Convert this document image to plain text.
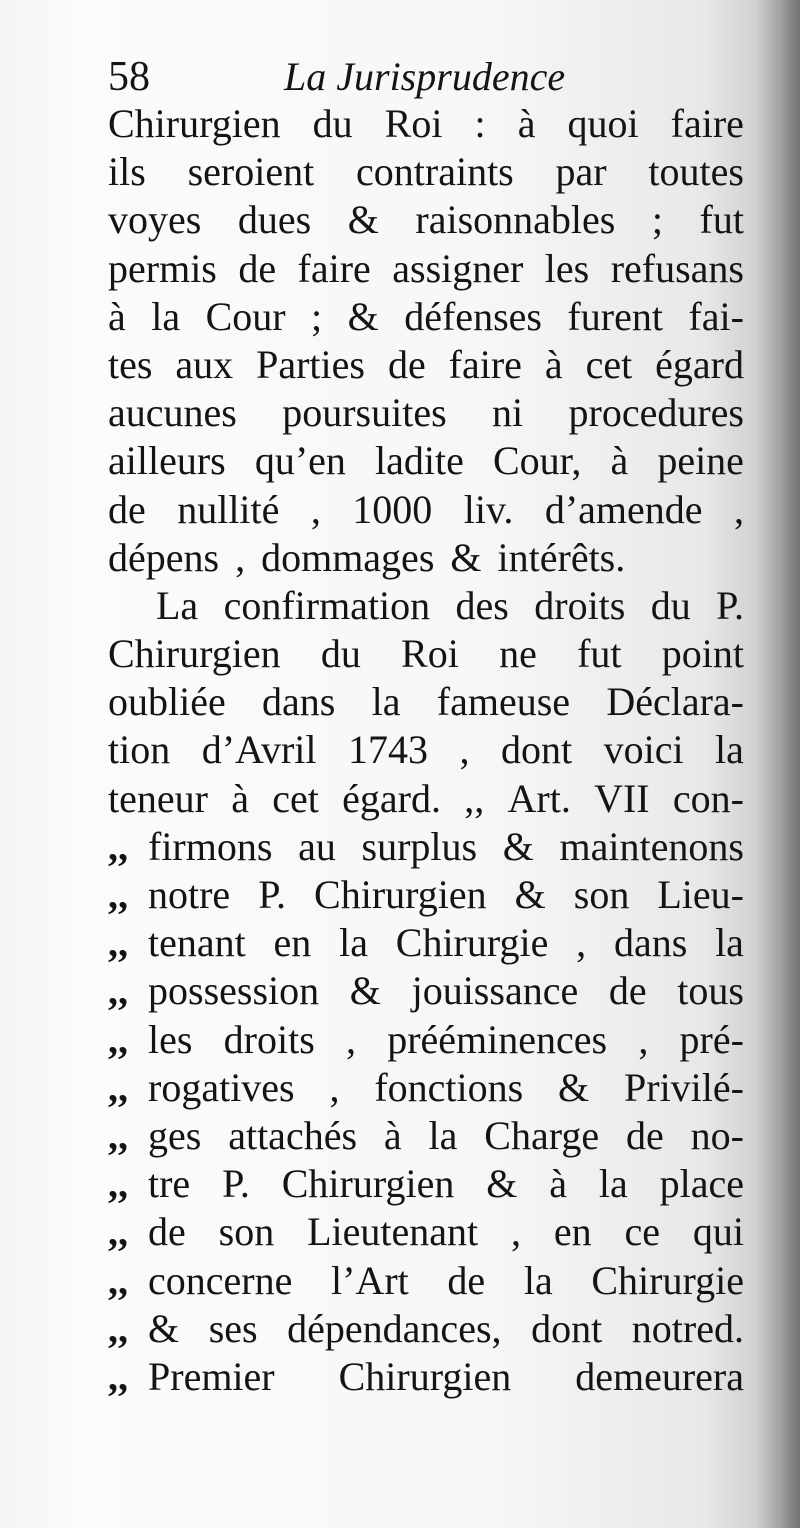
58	La Jurisprudence
Chirurgien du Roi : à quoi faire
ils seroient contraints par toutes
voyes dues & raisonnables ; fut
permis de faire assigner les refusans
à la Cour ; & défenses furent fai-
tes aux Parties de faire à cet égard
aucunes poursuites ni procedures
ailleurs qu’en ladite Cour, à peine
de nullité , 1000 liv. d’amende ,
dépens , dommages & intérêts.
La confirmation des droits du P.
Chirurgien du Roi ne fut point
oubliée dans la fameuse Déclara-
tion d’Avril 1743 , dont voici la
teneur à cet égard. ,, Art. VII con-
,, firmons au surplus & maintenons
,, notre P. Chirurgien & son Lieu-
,, tenant en la Chirurgie , dans la
,, possession & jouissance de tous
,, les droits , prééminences , pré-
,, rogatives , fonctions & Privilé-
,, ges attachés à la Charge de no-
,, tre P. Chirurgien & à la place
,, de son Lieutenant , en ce qui
,, concerne l’Art de la Chirurgie
,, & ses dépendances, dont notred.
,, Premier Chirurgien demeurera
